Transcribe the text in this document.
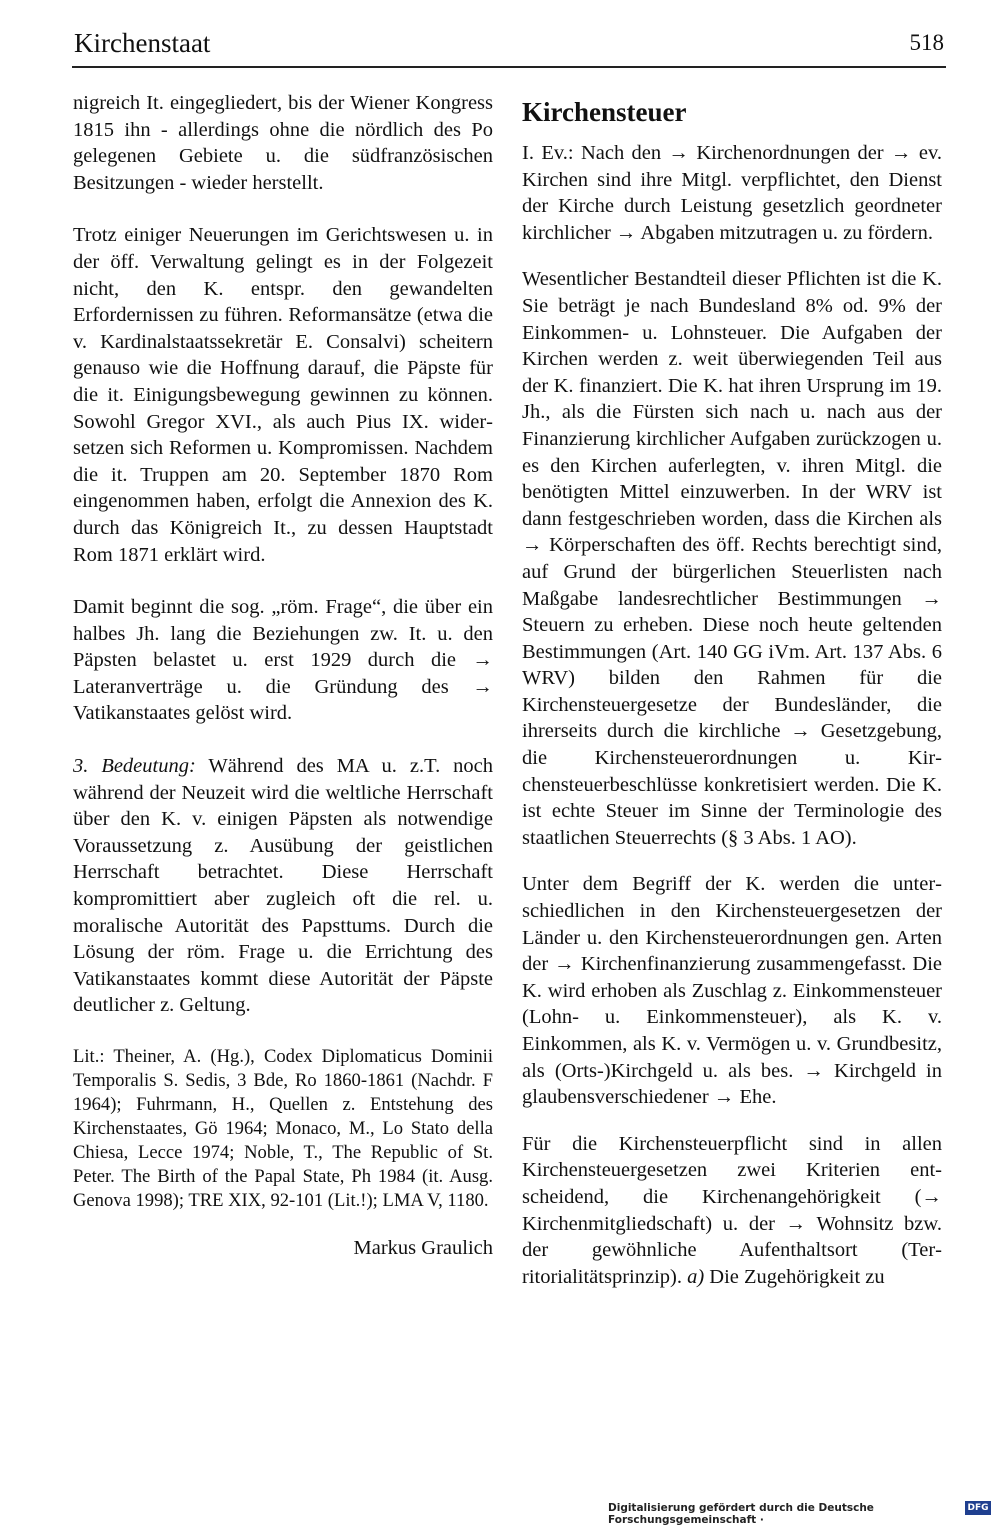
Kirchenstaat	518

nigreich It. eingegliedert, bis der Wiener Kongress 1815 ihn - allerdings ohne die nördlich des Po gelegenen Gebiete u. die südfranzösischen Besitzungen - wieder herstellt.

Trotz einiger Neuerungen im Gerichtswesen u. in der öff. Verwaltung gelingt es in der Folgezeit nicht, den K. entspr. den gewandelten Erfordernissen zu führen. Reformansätze (etwa die v. Kardinalstaatssekretär E. Consalvi) scheitern genauso wie die Hoffnung darauf, die Päpste für die it. Einigungsbewegung gewinnen zu können. Sowohl Gregor XVI., als auch Pius IX. widersetzen sich Reformen u. Kompromissen. Nachdem die it. Truppen am 20. September 1870 Rom eingenommen haben, erfolgt die Annexion des K. durch das Königreich It., zu dessen Hauptstadt Rom 1871 erklärt wird.

Damit beginnt die sog. „röm. Frage“, die über ein halbes Jh. lang die Beziehungen zw. It. u. den Päpsten belastet u. erst 1929 durch die → Lateranverträge u. die Gründung des → Vatikanstaates gelöst wird.

3. Bedeutung: Während des MA u. z.T. noch während der Neuzeit wird die weltliche Herrschaft über den K. v. einigen Päpsten als notwendige Voraussetzung z. Ausübung der geistlichen Herrschaft betrachtet. Diese Herrschaft kompromittiert aber zugleich oft die rel. u. moralische Autorität des Papsttums. Durch die Lösung der röm. Frage u. die Errichtung des Vatikanstaates kommt diese Autorität der Päpste deutlicher z. Geltung.

Lit.: Theiner, A. (Hg.), Codex Diplomaticus Dominii Temporalis S. Sedis, 3 Bde, Ro 1860-1861 (Nachdr. F 1964); Fuhrmann, H., Quellen z. Entstehung des Kirchenstaates, Gö 1964; Monaco, M., Lo Stato della Chiesa, Lecce 1974; Noble, T., The Republic of St. Peter. The Birth of the Papal State, Ph 1984 (it. Ausg. Genova 1998); TRE XIX, 92-101 (Lit.!); LMA V, 1180.
Markus Graulich
Kirchensteuer

I. Ev.: Nach den → Kirchenordnungen der → ev. Kirchen sind ihre Mitgl. verpflichtet, den Dienst der Kirche durch Leistung gesetzlich geordneter kirchlicher → Abgaben mitzutragen u. zu fördern.

Wesentlicher Bestandteil dieser Pflichten ist die K. Sie beträgt je nach Bundesland 8% od. 9% der Einkommen- u. Lohnsteuer. Die Aufgaben der Kirchen werden z. weit überwiegenden Teil aus der K. finanziert. Die K. hat ihren Ursprung im 19. Jh., als die Fürsten sich nach u. nach aus der Finanzierung kirchlicher Aufgaben zurückzogen u. es den Kirchen auferlegten, v. ihren Mitgl. die benötigten Mittel einzuwerben. In der WRV ist dann festgeschrieben worden, dass die Kirchen als → Körperschaften des öff. Rechts berechtigt sind, auf Grund der bürgerlichen Steuerlisten nach Maßgabe landesrechtlicher Bestimmungen → Steuern zu erheben. Diese noch heute geltenden Bestimmungen (Art. 140 GG iVm. Art. 137 Abs. 6 WRV) bilden den Rahmen für die Kirchensteuergesetze der Bundesländer, die ihrerseits durch die kirchliche → Gesetzgebung, die Kirchensteuerordnungen u. Kirchensteuerbeschlüsse konkretisiert werden. Die K. ist echte Steuer im Sinne der Terminologie des staatlichen Steuerrechts (§ 3 Abs. 1 AO).

Unter dem Begriff der K. werden die unterschiedlichen in den Kirchensteuergesetzen der Länder u. den Kirchensteuerordnungen gen. Arten der → Kirchenfinanzierung zusammengefasst. Die K. wird erhoben als Zuschlag z. Einkommensteuer (Lohn- u. Einkommensteuer), als K. v. Einkommen, als K. v. Vermögen u. v. Grundbesitz, als (Orts-)Kirchgeld u. als bes. → Kirchgeld in glaubensverschiedener → Ehe.

Für die Kirchensteuerpflicht sind in allen Kirchensteuergesetzen zwei Kriterien entscheidend, die Kirchenangehörigkeit (→ Kirchenmitgliedschaft) u. der → Wohnsitz bzw. der gewöhnliche Aufenthaltsort (Territorialitätsprinzip). a) Die Zugehörigkeit zu

Digitalisierung gefördert durch die Deutsche Forschungsgemeinschaft ·
DFG
